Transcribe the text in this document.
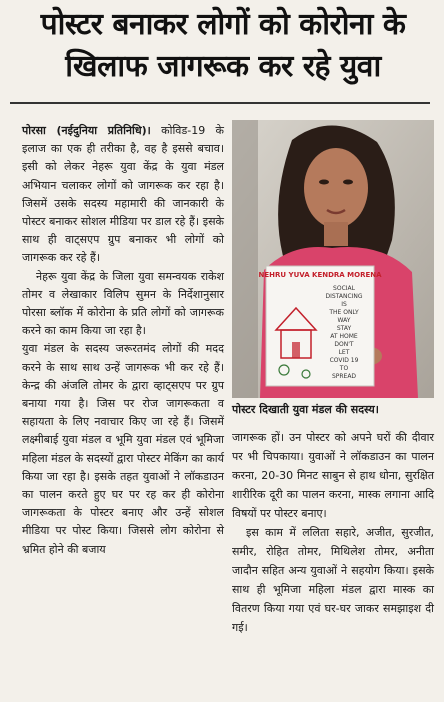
पोस्टर बनाकर लोगों को कोरोना के खिलाफ जागरूक कर रहे युवा

पोरसा (नईदुनिया प्रतिनिधि)। कोविड-19 के इलाज का एक ही तरीका है, वह है इससे बचाव। इसी को लेकर नेहरू युवा केंद्र के युवा मंडल अभियान चलाकर लोगों को जागरूक कर रहा है। जिसमें उसके सदस्य महामारी की जानकारी के पोस्टर बनाकर सोशल मीडिया पर डाल रहे हैं। इसके साथ ही वाट्सएप ग्रुप बनाकर भी लोगों को जागरूक कर रहे हैं।

नेहरू युवा केंद्र के जिला युवा समन्वयक राकेश तोमर व लेखाकार विलिप सुमन के निर्देशानुसार पोरसा ब्लॉक में कोरोना के प्रति लोगों को जागरूक करने का काम किया जा रहा है।

युवा मंडल के सदस्य जरूरतमंद लोगों की मदद करने के साथ साथ उन्हें जागरूक भी कर रहे हैं। केन्द्र की अंजलि तोमर के द्वारा व्हाट्सएप पर ग्रुप बनाया गया है। जिस पर रोज जागरूकता व सहायता के लिए नवाचार किए जा रहे हैं। जिसमें लक्ष्मीबाई युवा मंडल व भूमि युवा मंडल एवं भूमिजा महिला मंडल के सदस्यों द्वारा पोस्टर मेकिंग का कार्य किया जा रहा है। इसके तहत युवाओं ने लॉकडाउन का पालन करते हुए घर पर रह कर ही कोरोना जागरूकता के पोस्टर बनाए और उन्हें सोशल मीडिया पर पोस्ट किया। जिससे लोग कोरोना से भ्रमित होने की बजाय

NEHRU YUVA KENDRA MORENA
SOCIAL
DISTANCING
IS
THE ONLY
WAY
STAY
AT HOME
DON'T
LET
COVID 19
TO
SPREAD
पोस्टर दिखाती युवा मंडल की सदस्य।

जागरूक हों। उन पोस्टर को अपने घरों की दीवार पर भी चिपकाया। युवाओं ने लॉकडाउन का पालन करना, 20-30 मिनट साबुन से हाथ धोना, सुरक्षित शारीरिक दूरी का पालन करना, मास्क लगाना आदि विषयों पर पोस्टर बनाए।

इस काम में ललिता सहारे, अजीत, सुरजीत, समीर, रोहित तोमर, मिथिलेश तोमर, अनीता जादौन सहित अन्य युवाओं ने सहयोग किया। इसके साथ ही भूमिजा महिला मंडल द्वारा मास्क का वितरण किया गया एवं घर-घर जाकर समझाइश दी गई।
